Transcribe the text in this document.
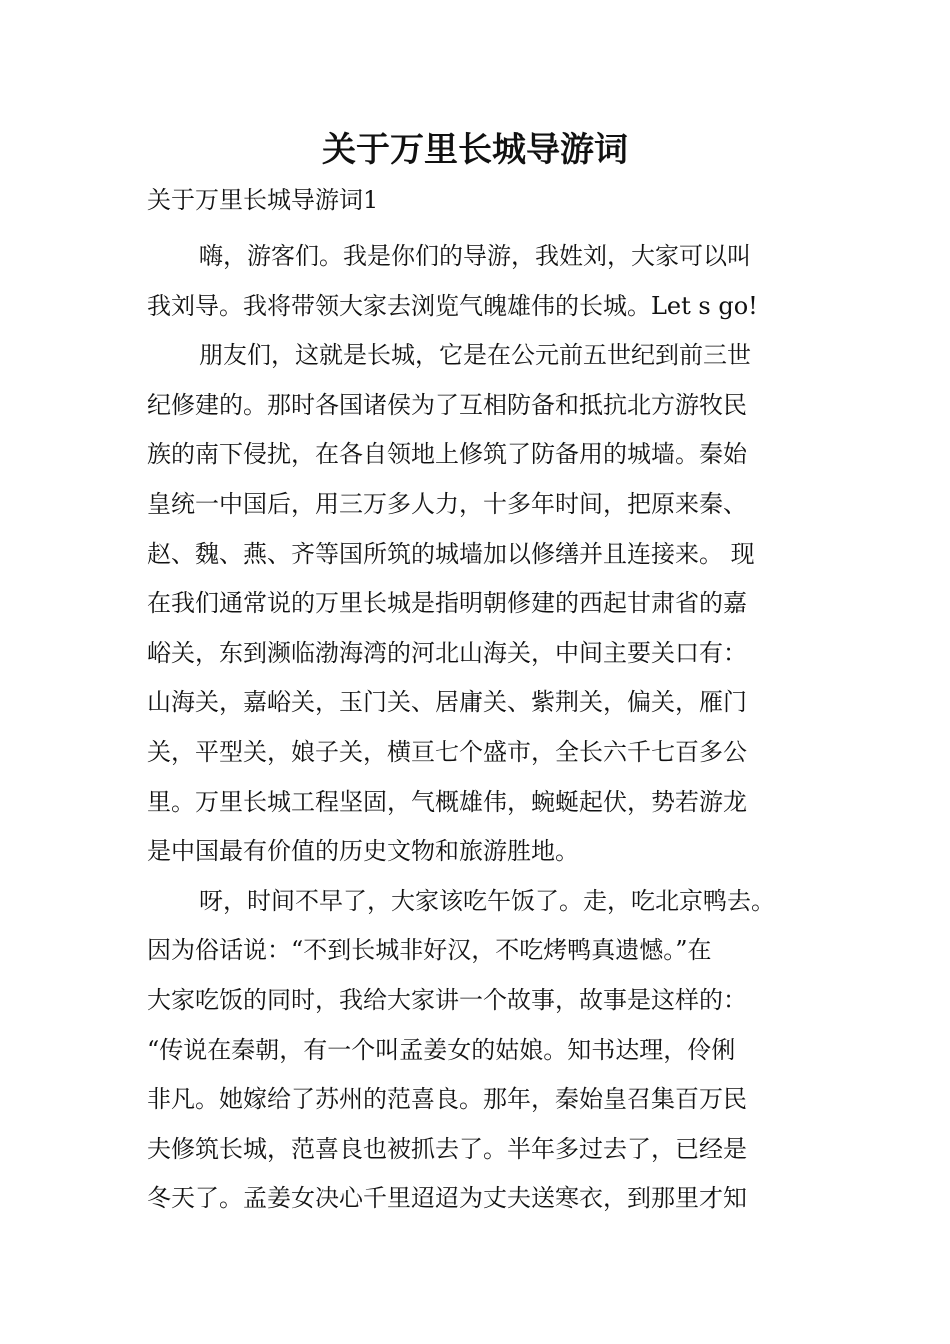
关于万里长城导游词
关于万里长城导游词1
嗨，游客们。我是你们的导游，我姓刘，大家可以叫
我刘导。我将带领大家去浏览气魄雄伟的长城。Let s go!
朋友们，这就是长城，它是在公元前五世纪到前三世
纪修建的。那时各国诸侯为了互相防备和抵抗北方游牧民
族的南下侵扰，在各自领地上修筑了防备用的城墙。秦始
皇统一中国后，用三万多人力，十多年时间，把原来秦、
赵、魏、燕、齐等国所筑的城墙加以修缮并且连接来。 现
在我们通常说的万里长城是指明朝修建的西起甘肃省的嘉
峪关，东到濒临渤海湾的河北山海关，中间主要关口有：
山海关，嘉峪关，玉门关、居庸关、紫荆关，偏关，雁门
关，平型关，娘子关，横亘七个盛市，全长六千七百多公
里。万里长城工程坚固，气概雄伟，蜿蜒起伏，势若游龙
是中国最有价值的历史文物和旅游胜地。
呀，时间不早了，大家该吃午饭了。走，吃北京鸭去。
因为俗话说：“不到长城非好汉，不吃烤鸭真遗憾。”在
大家吃饭的同时，我给大家讲一个故事，故事是这样的：
“传说在秦朝，有一个叫孟姜女的姑娘。知书达理，伶俐
非凡。她嫁给了苏州的范喜良。那年，秦始皇召集百万民
夫修筑长城，范喜良也被抓去了。半年多过去了，已经是
冬天了。孟姜女决心千里迢迢为丈夫送寒衣，到那里才知
